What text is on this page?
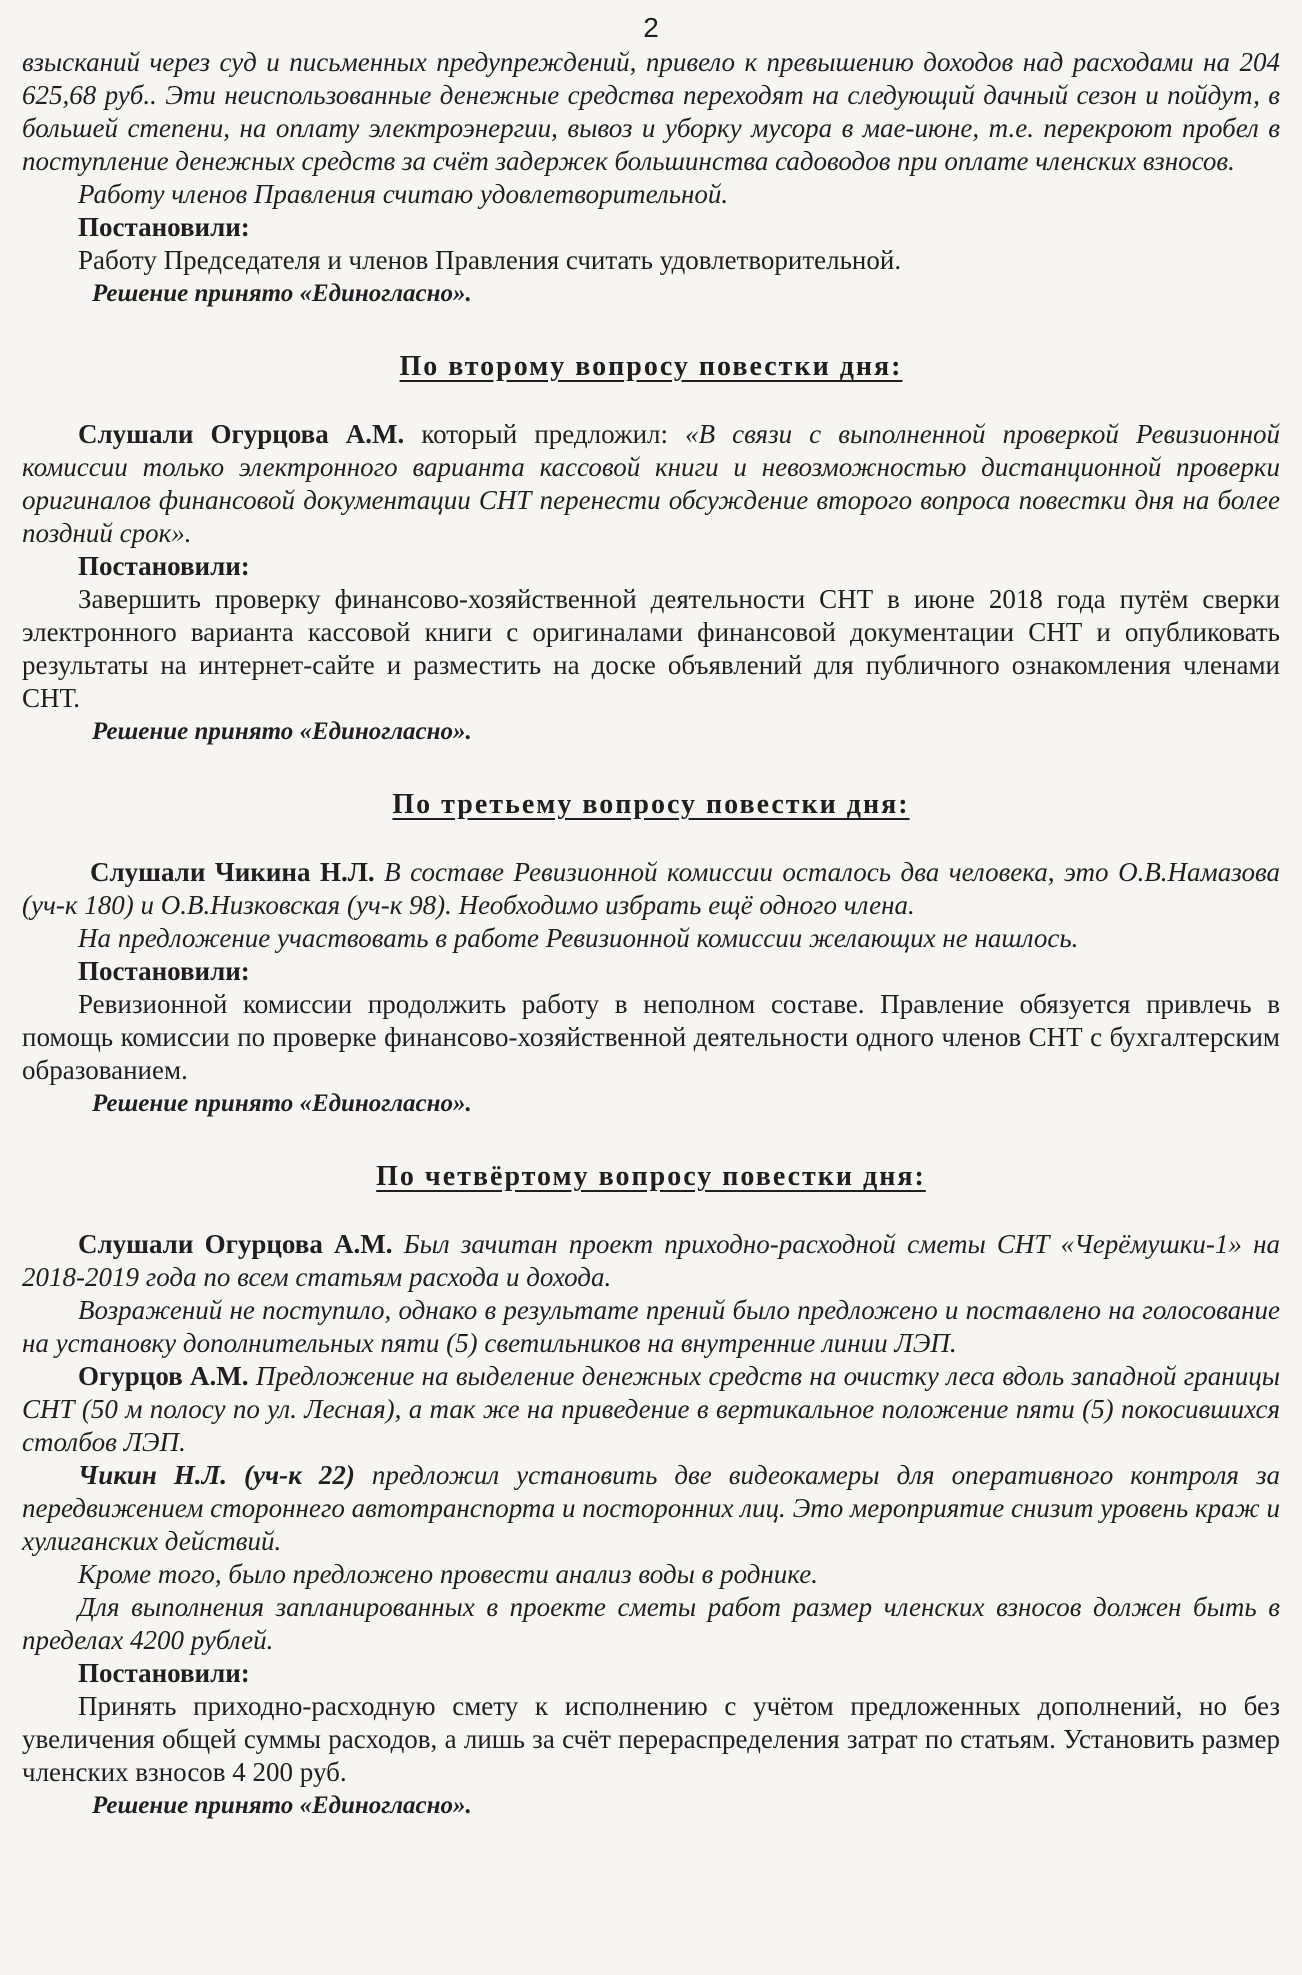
2

взысканий через суд и письменных предупреждений, привело к превышению доходов над расходами на 204 625,68 руб.. Эти неиспользованные денежные средства переходят на следующий дачный сезон и пойдут, в большей степени, на оплату электроэнергии, вывоз и уборку мусора в мае-июне, т.е. перекроют пробел в поступление денежных средств за счёт задержек большинства садоводов при оплате членских взносов.

Работу членов Правления считаю удовлетворительной.

Постановили:

Работу Председателя и членов Правления считать удовлетворительной.

Решение принято «Единогласно».

По второму вопросу повестки дня:

Слушали Огурцова А.М. который предложил: «В связи с выполненной проверкой Ревизионной комиссии только электронного варианта кассовой книги и невозможностью дистанционной проверки оригиналов финансовой документации СНТ перенести обсуждение второго вопроса повестки дня на более поздний срок».

Постановили:

Завершить проверку финансово-хозяйственной деятельности СНТ в июне 2018 года путём сверки электронного варианта кассовой книги с оригиналами финансовой документации СНТ и опубликовать результаты на интернет-сайте и разместить на доске объявлений для публичного ознакомления членами СНТ.

Решение принято «Единогласно».

По третьему вопросу повестки дня:

Слушали Чикина Н.Л. В составе Ревизионной комиссии осталось два человека, это О.В.Намазова (уч-к 180) и О.В.Низковская (уч-к 98). Необходимо избрать ещё одного члена.

На предложение участвовать в работе Ревизионной комиссии желающих не нашлось.

Постановили:

Ревизионной комиссии продолжить работу в неполном составе. Правление обязуется привлечь в помощь комиссии по проверке финансово-хозяйственной деятельности одного членов СНТ с бухгалтерским образованием.

Решение принято «Единогласно».

По четвёртому вопросу повестки дня:

Слушали Огурцова А.М. Был зачитан проект приходно-расходной сметы СНТ «Черёмушки-1» на 2018-2019 года по всем статьям расхода и дохода.

Возражений не поступило, однако в результате прений было предложено и поставлено на голосование на установку дополнительных пяти (5) светильников на внутренние линии ЛЭП.

Огурцов А.М. Предложение на выделение денежных средств на очистку леса вдоль западной границы СНТ (50 м полосу по ул. Лесная), а так же на приведение в вертикальное положение пяти (5) покосившихся столбов ЛЭП.

Чикин Н.Л. (уч-к 22) предложил установить две видеокамеры для оперативного контроля за передвижением стороннего автотранспорта и посторонних лиц. Это мероприятие снизит уровень краж и хулиганских действий.

Кроме того, было предложено провести анализ воды в роднике.

Для выполнения запланированных в проекте сметы работ размер членских взносов должен быть в пределах 4200 рублей.

Постановили:

Принять приходно-расходную смету к исполнению с учётом предложенных дополнений, но без увеличения общей суммы расходов, а лишь за счёт перераспределения затрат по статьям. Установить размер членских взносов 4 200 руб.

Решение принято «Единогласно».
